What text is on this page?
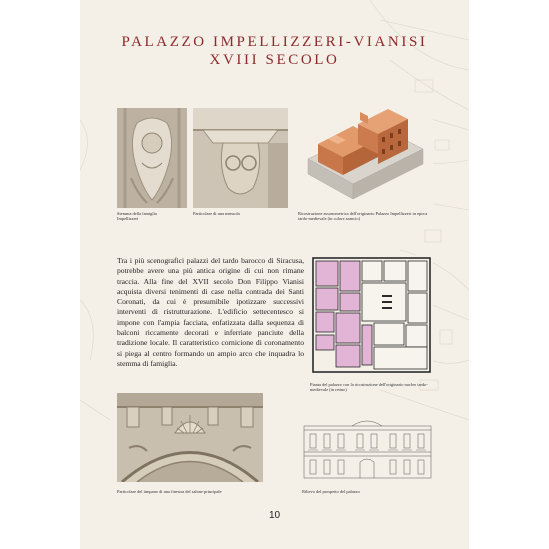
PALAZZO IMPELLIZZERI-VIANISI
XVIII SECOLO
Stemma della famiglia Impellizzeri
Particolare di una mensola	Ricostruzione assonometrica dell'originario Palazzo Impellizzeri in epoca tardo-medievale (in colore arancio)
Tra i più scenografici palazzi del tardo barocco di Siracusa, potrebbe avere una più antica origine di cui non rimane traccia. Alla fine del XVII secolo Don Filippo Vianisi acquista diversi tenimenti di case nella contrada dei Santi Coronati, da cui è presumibile ipotizzare successivi interventi di ristrutturazione. L'edificio settecentesco si impone con l'ampia facciata, enfatizzata dalla sequenza di balconi riccamente decorati e inferriate panciute della tradizione locale. Il caratteristico cornicione di coronamento si piega al centro formando un ampio arco che inquadra lo stemma di famiglia.
Pianta del palazzo con la ricostruzione dell'originario nucleo tardo-medievale (in retino)
Particolare del timpano di una finestra del salone principale	Rilievo del prospetto del palazzo
10
